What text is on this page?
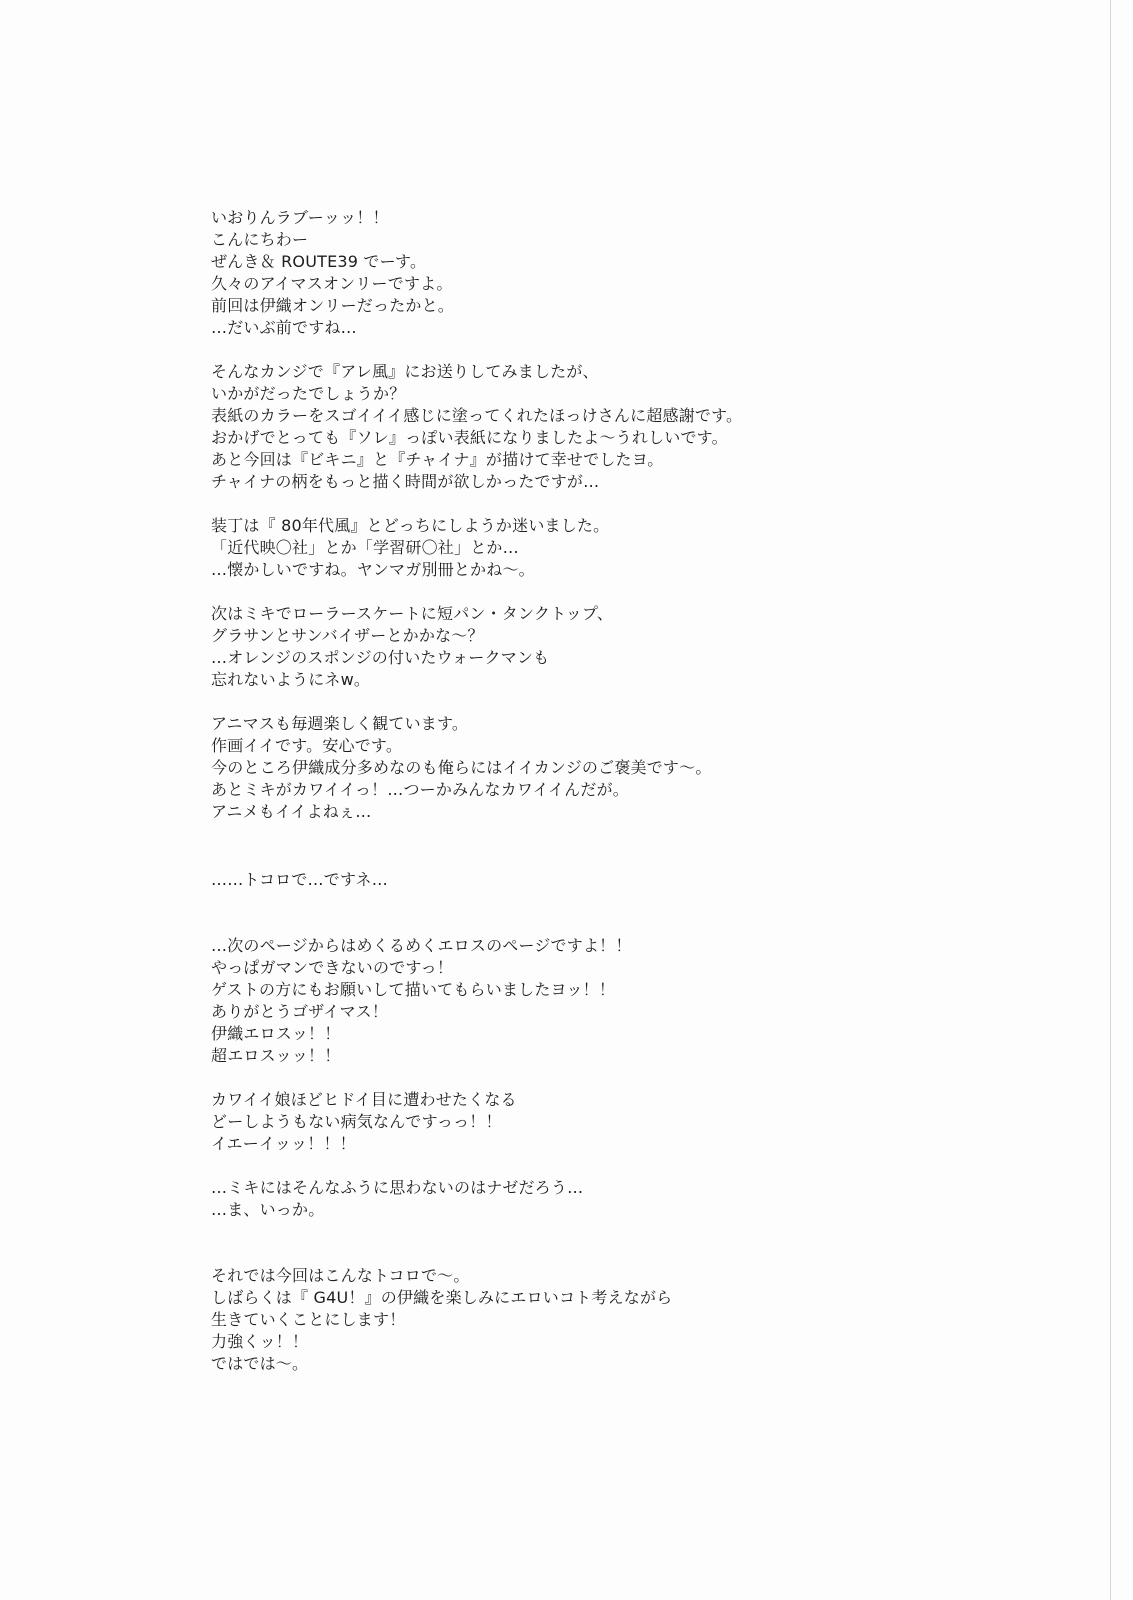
いおりんラブーッッ！！
こんにちわー
ぜんき＆ ROUTE39 でーす。
久々のアイマスオンリーですよ。
前回は伊織オンリーだったかと。
…だいぶ前ですね…

そんなカンジで『アレ風』にお送りしてみましたが、
いかがだったでしょうか？
表紙のカラーをスゴイイイ感じに塗ってくれたほっけさんに超感謝です。
おかげでとっても『ソレ』っぽい表紙になりましたよ～うれしいです。
あと今回は『ビキニ』と『チャイナ』が描けて幸せでしたヨ。
チャイナの柄をもっと描く時間が欲しかったですが…

装丁は『 80年代風』とどっちにしようか迷いました。
「近代映〇社」とか「学習研〇社」とか…
…懐かしいですね。ヤンマガ別冊とかね～。

次はミキでローラースケートに短パン・タンクトップ、
グラサンとサンバイザーとかかな～？
…オレンジのスポンジの付いたウォークマンも
忘れないようにネw。

アニマスも毎週楽しく観ています。
作画イイです。安心です。
今のところ伊織成分多めなのも俺らにはイイカンジのご褒美です～。
あとミキがカワイイっ！…つーかみんなカワイイんだが。
アニメもイイよねぇ…

……トコロで…ですネ…

…次のページからはめくるめくエロスのページですよ！！
やっぱガマンできないのですっ！
ゲストの方にもお願いして描いてもらいましたヨッ！！
ありがとうゴザイマス！
伊織エロスッ！！
超エロスッッ！！

カワイイ娘ほどヒドイ目に遭わせたくなる
どーしようもない病気なんですっっ！！
イエーイッッ！！！

…ミキにはそんなふうに思わないのはナゼだろう…
…ま、いっか。

それでは今回はこんなトコロで～。
しばらくは『 G4U！』の伊織を楽しみにエロいコト考えながら
生きていくことにします！
力強くッ！！
ではでは～。
